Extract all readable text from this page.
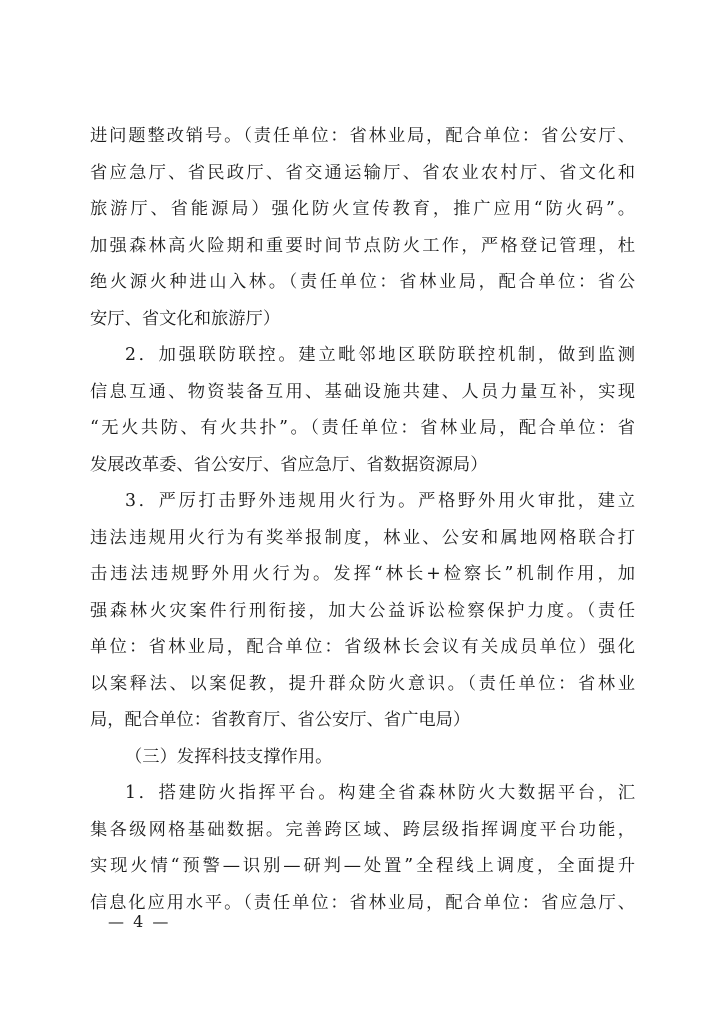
进问题整改销号。（责任单位：省林业局，配合单位：省公安厅、
省应急厅、省民政厅、省交通运输厅、省农业农村厅、省文化和
旅游厅、省能源局）强化防火宣传教育，推广应用“防火码”。
加强森林高火险期和重要时间节点防火工作，严格登记管理，杜
绝火源火种进山入林。（责任单位：省林业局，配合单位：省公
安厅、省文化和旅游厅）
2．加强联防联控。建立毗邻地区联防联控机制，做到监测
信息互通、物资装备互用、基础设施共建、人员力量互补，实现
“无火共防、有火共扑”。（责任单位：省林业局，配合单位：省
发展改革委、省公安厅、省应急厅、省数据资源局）
3．严厉打击野外违规用火行为。严格野外用火审批，建立
违法违规用火行为有奖举报制度，林业、公安和属地网格联合打
击违法违规野外用火行为。发挥“林长+检察长”机制作用，加
强森林火灾案件行刑衔接，加大公益诉讼检察保护力度。（责任
单位：省林业局，配合单位：省级林长会议有关成员单位）强化
以案释法、以案促教，提升群众防火意识。（责任单位：省林业
局，配合单位：省教育厅、省公安厅、省广电局）
（三）发挥科技支撑作用。
1．搭建防火指挥平台。构建全省森林防火大数据平台，汇
集各级网格基础数据。完善跨区域、跨层级指挥调度平台功能，
实现火情“预警—识别—研判—处置”全程线上调度，全面提升
信息化应用水平。（责任单位：省林业局，配合单位：省应急厅、
— 4 —
